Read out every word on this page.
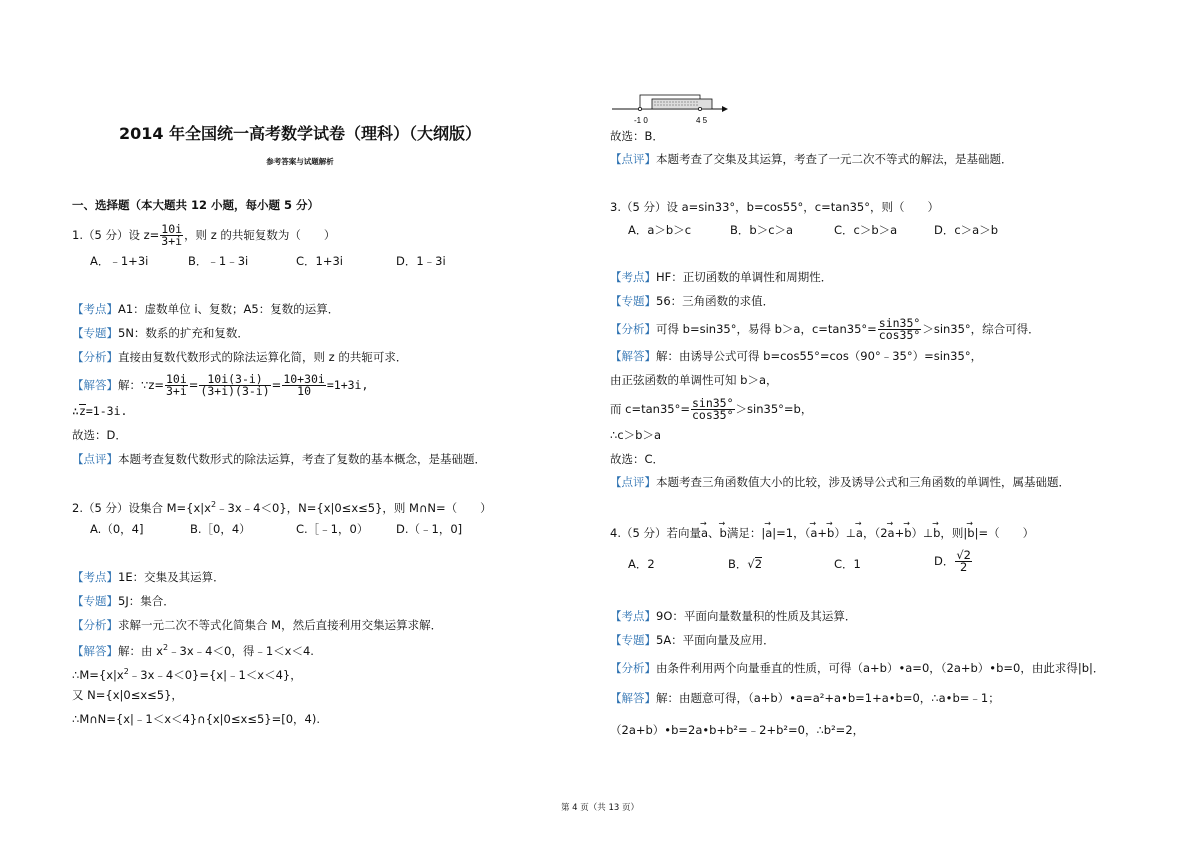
2014 年全国统一高考数学试卷（理科）（大纲版）
参考答案与试题解析
一、选择题（本大题共 12 小题，每小题 5 分）
1.（5 分）设 $z= \frac{10i}{3+i}$ ，则 z 的共轭复数为（　　）
A．﹣1+3i	B．﹣1﹣3i	C．1+3i	D．1﹣3i
【考点】A1：虚数单位 i、复数；A5：复数的运算．
【专题】5N：数系的扩充和复数．
【分析】直接由复数代数形式的除法运算化简，则 z 的共轭可求．
【解答】解：∵z= $\frac{10i}{3+i} = \frac{10i(3-i)}{(3+i)(3-i)} = \frac{10+30i}{10} =1+3i$,
∴z=1-3i.
故选：D．
【点评】本题考查复数代数形式的除法运算，考查了复数的基本概念，是基础题．
2.（5 分）设集合 $M=\{x|x^2﹣3x﹣4<0\}$，N={x|0≤x≤5}，则 M∩N=（　　）
A.（0，4]	B.［0，4）	C.［﹣1，0） D.（﹣1，0]
【考点】1E：交集及其运算．
【专题】5J：集合．
【分析】求解一元二次不等式化简集合 M，然后直接利用交集运算求解．
【解答】解：由 $x^2﹣3x﹣4<0$，得﹣1＜x＜4.
$\therefore M=\{x|x^2﹣3x﹣4<0\}=\{x|﹣1<x<4\}$，
又 N={x|0≤x≤5}，
∴M∩N={x|﹣1＜x＜4}∩{x|0≤x≤5}=[0，4).
-1 0	4 5
故选：B．
【点评】本题考查了交集及其运算，考查了一元二次不等式的解法，是基础题．
3.（5 分）设 a=sin33°，b=cos55°，c=tan35°，则（　　）
A．a＞b＞c	B．b＞c＞a	C．c＞b＞a	D．c＞a＞b
【考点】HF：正切函数的单调性和周期性．
【专题】56：三角函数的求值．
【分析】可得 b=sin35°，易得 b＞a，$c=\tan 35^\circ= \frac{\sin 35^\circ}{\cos 35^\circ} >\sin 35^\circ$，综合可得．
【解答】解：由诱导公式可得 b=cos55°=cos（90°﹣35°）=sin35°，
由正弦函数的单调性可知 b＞a，
而 $c=\tan 35^\circ= \frac{\sin 35^\circ}{\cos 35^\circ} >\sin 35^\circ=b$，
∴c＞b＞a
故选：C．
【点评】本题考查三角函数值大小的比较，涉及诱导公式和三角函数的单调性，属基础题．
4.（5 分）若向量→ a、→ b满足：|→ a|=1，（→ a+→ b）⊥→ a，（2→ a+→ b）⊥→ b，则|→ b|=（　　）
A．2	B．√2	C．1	D． $\frac{√2}{2}$
【考点】9O：平面向量数量积的性质及其运算．
【专题】5A：平面向量及应用．
【分析】由条件利用两个向量垂直的性质，可得（a+b）•a=0，（2a+b）•b=0，由此求得|b|．
【解答】解：由题意可得，（a+b）•a=a²+a•b=1+a•b=0，∴a•b=﹣1；
（2a+b）•b=2a•b+b²=﹣2+b²=0，∴b²=2，
第 4 页（共 13 页）
